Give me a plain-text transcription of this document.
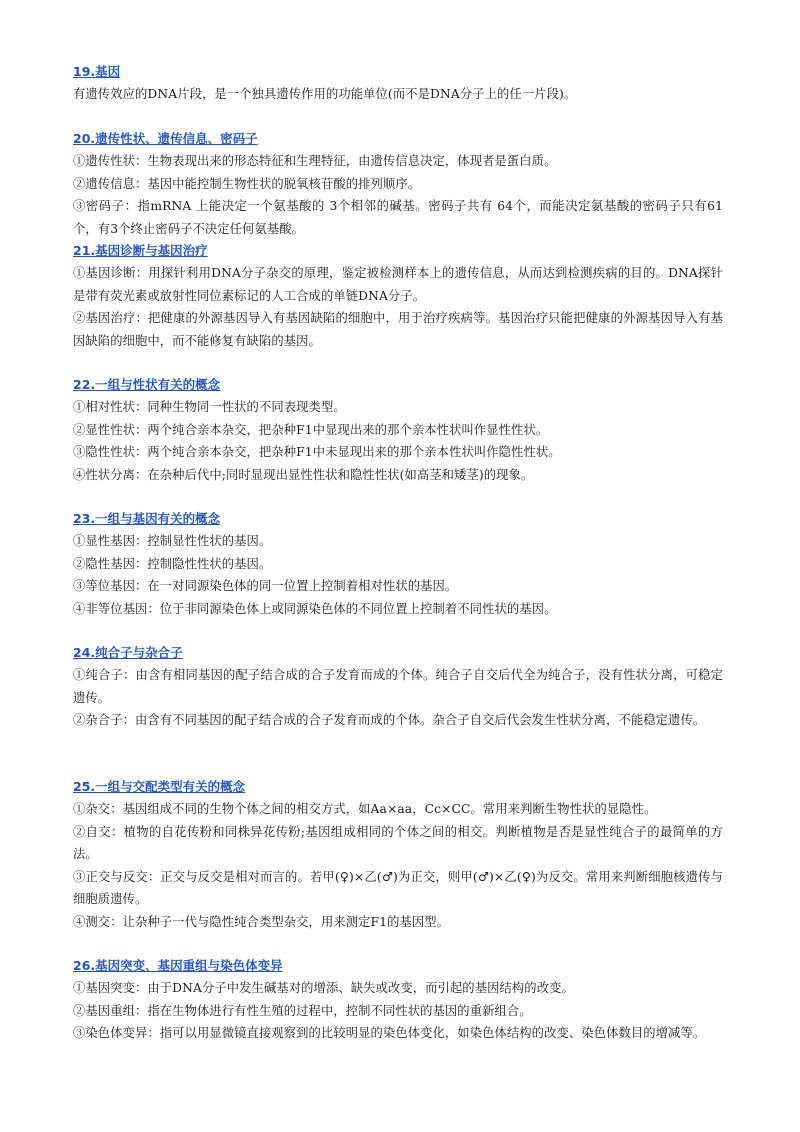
19.基因

有遗传效应的DNA片段，是一个独具遗传作用的功能单位(而不是DNA分子上的任一片段)。

20.遗传性状、遗传信息、密码子

①遗传性状：生物表现出来的形态特征和生理特征，由遗传信息决定，体现者是蛋白质。

②遗传信息：基因中能控制生物性状的脱氧核苷酸的排列顺序。

③密码子：指mRNA 上能决定一个氨基酸的 3个相邻的碱基。密码子共有 64个，而能决定氨基酸的密码子只有61个，有3个终止密码子不决定任何氨基酸。

21.基因诊断与基因治疗

①基因诊断：用探针利用DNA分子杂交的原理，鉴定被检测样本上的遗传信息，从而达到检测疾病的目的。DNA探针是带有荧光素或放射性同位素标记的人工合成的单链DNA分子。

②基因治疗：把健康的外源基因导入有基因缺陷的细胞中，用于治疗疾病等。基因治疗只能把健康的外源基因导入有基因缺陷的细胞中，而不能修复有缺陷的基因。

22.一组与性状有关的概念

①相对性状：同种生物同一性状的不同表现类型。

②显性性状：两个纯合亲本杂交，把杂种F1中显现出来的那个亲本性状叫作显性性状。

③隐性性状：两个纯合亲本杂交，把杂种F1中未显现出来的那个亲本性状叫作隐性性状。

④性状分离：在杂种后代中;同时显现出显性性状和隐性性状(如高茎和矮茎)的现象。

23.一组与基因有关的概念

①显性基因：控制显性性状的基因。

②隐性基因：控制隐性性状的基因。

③等位基因：在一对同源染色体的同一位置上控制着相对性状的基因。

④非等位基因：位于非同源染色体上或同源染色体的不同位置上控制着不同性状的基因。

24.纯合子与杂合子

①纯合子：由含有相同基因的配子结合成的合子发育而成的个体。纯合子自交后代全为纯合子，没有性状分离，可稳定遗传。

②杂合子：由含有不同基因的配子结合成的合子发育而成的个体。杂合子自交后代会发生性状分离，不能稳定遗传。

25.一组与交配类型有关的概念

①杂交：基因组成不同的生物个体之间的相交方式，如Aa×aa，Cc×CC。常用来判断生物性状的显隐性。

②自交：植物的自花传粉和同株异花传粉;基因组成相同的个体之间的相交。判断植物是否是显性纯合子的最简单的方法。

③正交与反交：正交与反交是相对而言的。若甲(♀)×乙(♂)为正交，则甲(♂)×乙(♀)为反交。常用来判断细胞核遗传与细胞质遗传。

④测交：让杂种子一代与隐性纯合类型杂交，用来测定F1的基因型。

26.基因突变、基因重组与染色体变异

①基因突变：由于DNA分子中发生碱基对的增添、缺失或改变，而引起的基因结构的改变。

②基因重组：指在生物体进行有性生殖的过程中，控制不同性状的基因的重新组合。

③染色体变异：指可以用显微镜直接观察到的比较明显的染色体变化，如染色体结构的改变、染色体数目的增减等。
